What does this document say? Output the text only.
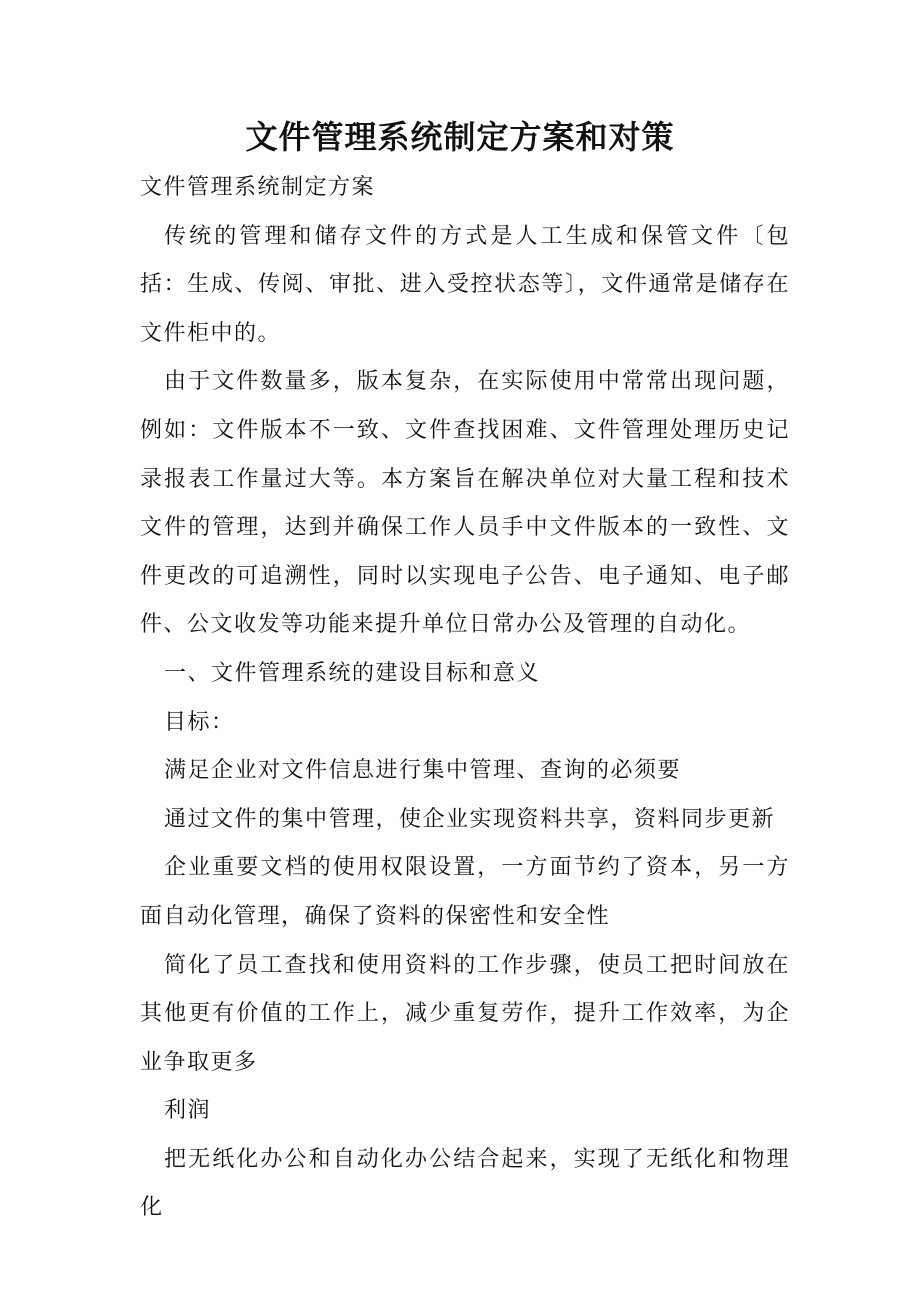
文件管理系统制定方案和对策

文件管理系统制定方案

传统的管理和储存文件的方式是人工生成和保管文件〔包括：生成、传阅、审批、进入受控状态等〕，文件通常是储存在文件柜中的。

由于文件数量多，版本复杂，在实际使用中常常出现问题，例如：文件版本不一致、文件查找困难、文件管理处理历史记录报表工作量过大等。本方案旨在解决单位对大量工程和技术文件的管理，达到并确保工作人员手中文件版本的一致性、文件更改的可追溯性，同时以实现电子公告、电子通知、电子邮件、公文收发等功能来提升单位日常办公及管理的自动化。

一、文件管理系统的建设目标和意义

目标：

满足企业对文件信息进行集中管理、查询的必须要

通过文件的集中管理，使企业实现资料共享，资料同步更新

企业重要文档的使用权限设置，一方面节约了资本，另一方面自动化管理，确保了资料的保密性和安全性

简化了员工查找和使用资料的工作步骤，使员工把时间放在其他更有价值的工作上，减少重复劳作，提升工作效率，为企业争取更多

利润

把无纸化办公和自动化办公结合起来，实现了无纸化和物理化
